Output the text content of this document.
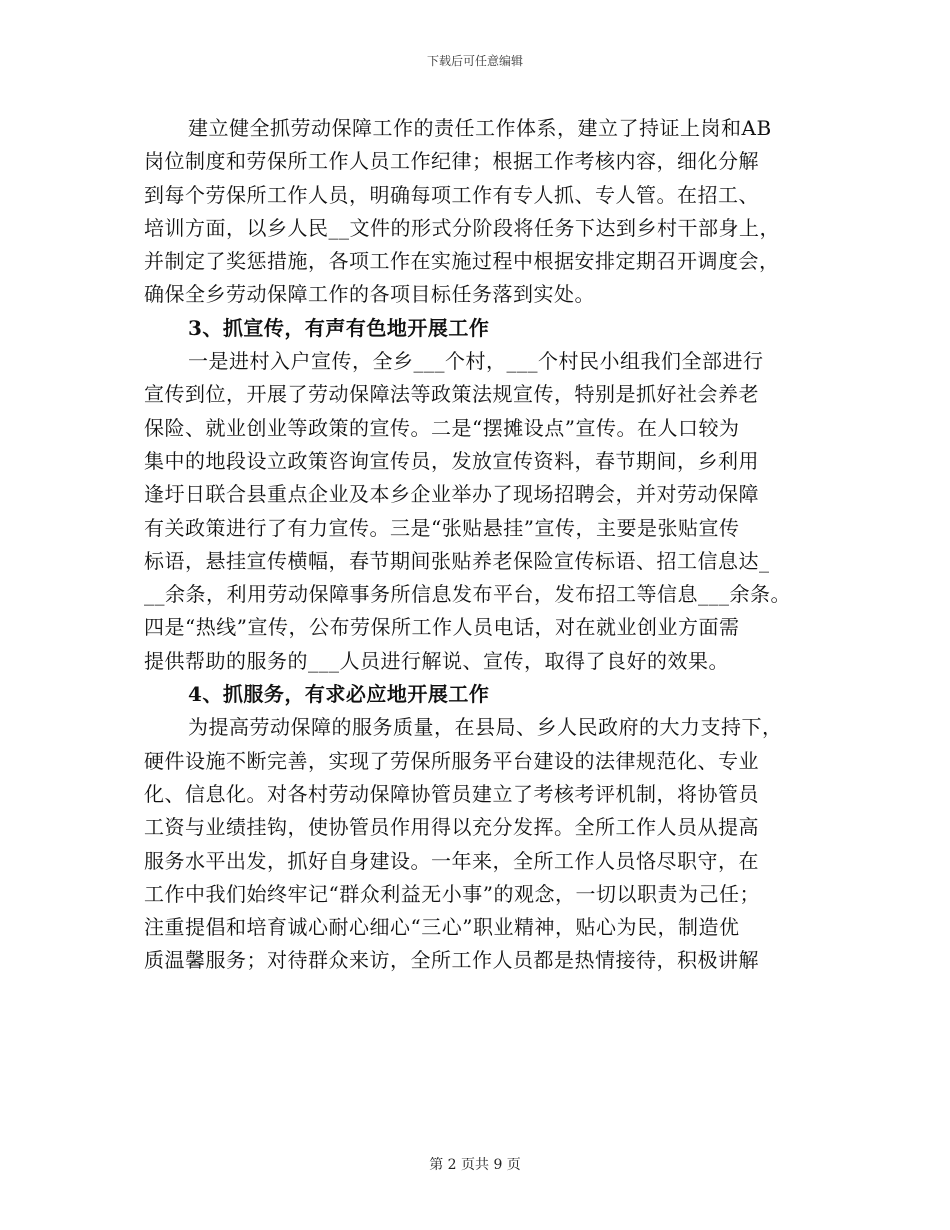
下载后可任意编辑
建立健全抓劳动保障工作的责任工作体系，建立了持证上岗和AB
岗位制度和劳保所工作人员工作纪律；根据工作考核内容，细化分解
到每个劳保所工作人员，明确每项工作有专人抓、专人管。在招工、
培训方面，以乡人民__文件的形式分阶段将任务下达到乡村干部身上，
并制定了奖惩措施，各项工作在实施过程中根据安排定期召开调度会，
确保全乡劳动保障工作的各项目标任务落到实处。
3、抓宣传，有声有色地开展工作
一是进村入户宣传，全乡___个村，___个村民小组我们全部进行
宣传到位，开展了劳动保障法等政策法规宣传，特别是抓好社会养老
保险、就业创业等政策的宣传。二是“摆摊设点”宣传。在人口较为
集中的地段设立政策咨询宣传员，发放宣传资料，春节期间，乡利用
逢圩日联合县重点企业及本乡企业举办了现场招聘会，并对劳动保障
有关政策进行了有力宣传。三是“张贴悬挂”宣传，主要是张贴宣传
标语，悬挂宣传横幅，春节期间张贴养老保险宣传标语、招工信息达_
__余条，利用劳动保障事务所信息发布平台，发布招工等信息___余条。
四是“热线”宣传，公布劳保所工作人员电话，对在就业创业方面需
提供帮助的服务的___人员进行解说、宣传，取得了良好的效果。
4、抓服务，有求必应地开展工作
为提高劳动保障的服务质量，在县局、乡人民政府的大力支持下，
硬件设施不断完善，实现了劳保所服务平台建设的法律规范化、专业
化、信息化。对各村劳动保障协管员建立了考核考评机制，将协管员
工资与业绩挂钩，使协管员作用得以充分发挥。全所工作人员从提高
服务水平出发，抓好自身建设。一年来，全所工作人员恪尽职守，在
工作中我们始终牢记“群众利益无小事”的观念，一切以职责为己任；
注重提倡和培育诚心耐心细心“三心”职业精神，贴心为民，制造优
质温馨服务；对待群众来访，全所工作人员都是热情接待，积极讲解
第 2 页共 9 页
